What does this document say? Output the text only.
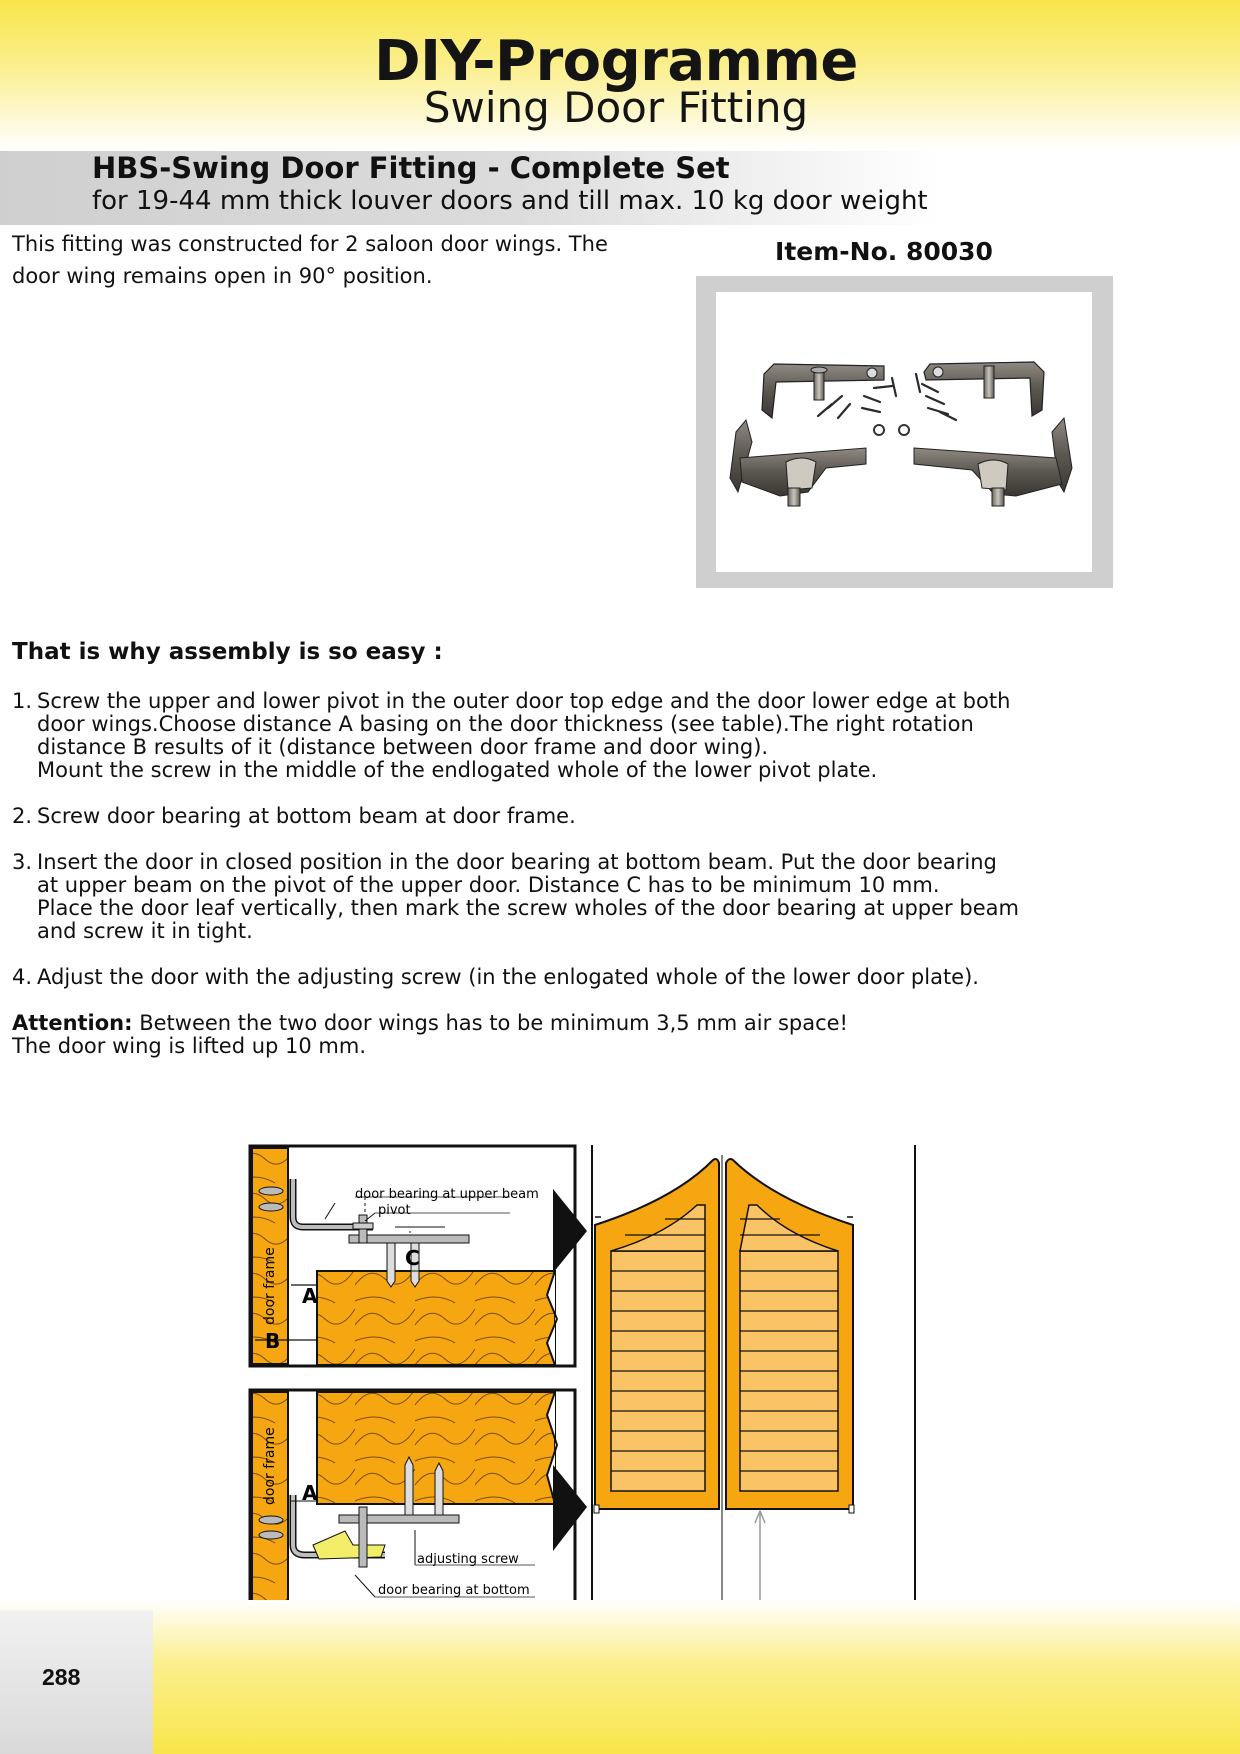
DIY-Programme
Swing Door Fitting
HBS-Swing Door Fitting - Complete Set
for 19-44 mm thick louver doors and till max. 10 kg door weight
This fitting was constructed for 2 saloon door wings. The
door wing remains open in 90° position.
Item-No. 80030
That is why assembly is so easy :
1. Screw the upper and lower pivot in the outer door top edge and the door lower edge at both
door wings.Choose distance A basing on the door thickness (see table).The right rotation
distance B results of it (distance between door frame and door wing).
Mount the screw in the middle of the endlogated whole of the lower pivot plate.
2. Screw door bearing at bottom beam at door frame.
3. Insert the door in closed position in the door bearing at bottom beam. Put the door bearing
at upper beam on the pivot of the upper door. Distance C has to be minimum 10 mm.
Place the door leaf vertically, then mark the screw wholes of the door bearing at upper beam
and screw it in tight.
4. Adjust the door with the adjusting screw (in the enlogated whole of the lower door plate).
Attention: Between the two door wings has to be minimum 3,5 mm air space!
The door wing is lifted up 10 mm.
door bearing at upper beam
pivot
C
A
B
door frame
A
door frame
adjusting screw
door bearing at bottom
288
